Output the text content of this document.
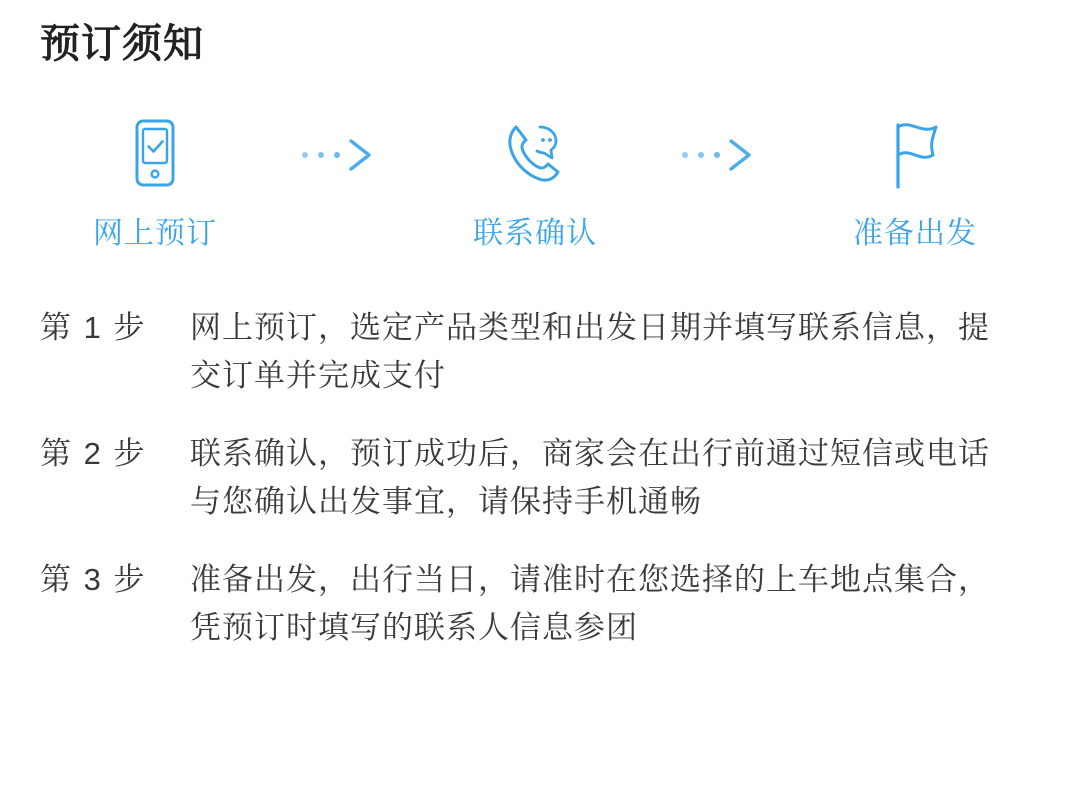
预订须知
网上预订	联系确认	准备出发
第 1 步	网上预订，选定产品类型和出发日期并填写联系信息，提交订单并完成支付
第 2 步	联系确认，预订成功后，商家会在出行前通过短信或电话与您确认出发事宜，请保持手机通畅
第 3 步	准备出发，出行当日，请准时在您选择的上车地点集合，凭预订时填写的联系人信息参团
